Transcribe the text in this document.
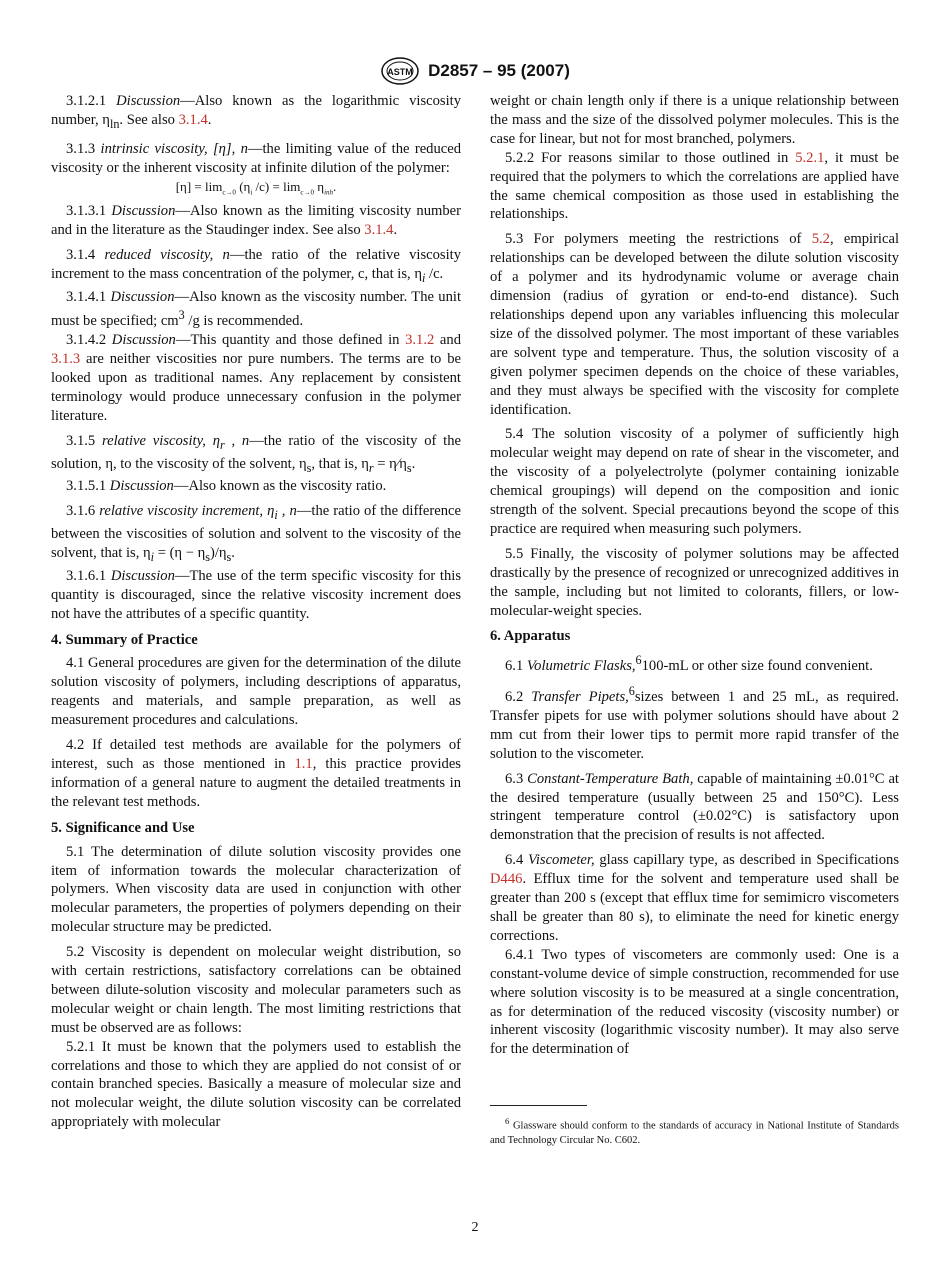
ASTM D2857 – 95 (2007)

3.1.2.1 Discussion—Also known as the logarithmic viscosity number, $\eta_{ln}$. See also 3.1.4.

3.1.3 intrinsic viscosity, [η], n—the limiting value of the reduced viscosity or the inherent viscosity at infinite dilution of the polymer:

$[\eta] = \lim_{c\to 0} (\eta_i$ $/c) = \lim_{c\to 0} \eta_{inh}$.

3.1.3.1 Discussion—Also known as the limiting viscosity number and in the literature as the Staudinger index. See also 3.1.4.

3.1.4 reduced viscosity, n—the ratio of the relative viscosity increment to the mass concentration of the polymer, c, that is, $\eta_i$ /c.

3.1.4.1 Discussion—Also known as the viscosity number. The unit must be specified; $cm^3$ /g is recommended.

3.1.4.2 Discussion—This quantity and those defined in 3.1.2 and 3.1.3 are neither viscosities nor pure numbers. The terms are to be looked upon as traditional names. Any replacement by consistent terminology would produce unnecessary confusion in the polymer literature.

3.1.5 relative viscosity, $\eta_r$ , n—the ratio of the viscosity of the solution, η, to the viscosity of the solvent, $\eta_s$, that is, $\eta_r$ = $\eta⁄\eta_s$.

3.1.5.1 Discussion—Also known as the viscosity ratio.

3.1.6 relative viscosity increment, $\eta_i$ , n—the ratio of the difference between the viscosities of solution and solvent to the viscosity of the solvent, that is, $\eta_i = (\eta - \eta_s)/\eta_s$.

3.1.6.1 Discussion—The use of the term specific viscosity for this quantity is discouraged, since the relative viscosity increment does not have the attributes of a specific quantity.

4. Summary of Practice

4.1 General procedures are given for the determination of the dilute solution viscosity of polymers, including descriptions of apparatus, reagents and materials, and sample preparation, as well as measurement procedures and calculations.

4.2 If detailed test methods are available for the polymers of interest, such as those mentioned in 1.1, this practice provides information of a general nature to augment the detailed treatments in the relevant test methods.

5. Significance and Use

5.1 The determination of dilute solution viscosity provides one item of information towards the molecular characterization of polymers. When viscosity data are used in conjunction with other molecular parameters, the properties of polymers depending on their molecular structure may be predicted.

5.2 Viscosity is dependent on molecular weight distribution, so with certain restrictions, satisfactory correlations can be obtained between dilute-solution viscosity and molecular parameters such as molecular weight or chain length. The most limiting restrictions that must be observed are as follows:

5.2.1 It must be known that the polymers used to establish the correlations and those to which they are applied do not consist of or contain branched species. Basically a measure of molecular size and not molecular weight, the dilute solution viscosity can be correlated appropriately with molecular

weight or chain length only if there is a unique relationship between the mass and the size of the dissolved polymer molecules. This is the case for linear, but not for most branched, polymers.

5.2.2 For reasons similar to those outlined in 5.2.1, it must be required that the polymers to which the correlations are applied have the same chemical composition as those used in establishing the relationships.

5.3 For polymers meeting the restrictions of 5.2, empirical relationships can be developed between the dilute solution viscosity of a polymer and its hydrodynamic volume or average chain dimension (radius of gyration or end-to-end distance). Such relationships depend upon any variables influencing this molecular size of the dissolved polymer. The most important of these variables are solvent type and temperature. Thus, the solution viscosity of a given polymer specimen depends on the choice of these variables, and they must always be specified with the viscosity for complete identification.

5.4 The solution viscosity of a polymer of sufficiently high molecular weight may depend on rate of shear in the viscometer, and the viscosity of a polyelectrolyte (polymer containing ionizable chemical groupings) will depend on the composition and ionic strength of the solvent. Special precautions beyond the scope of this practice are required when measuring such polymers.

5.5 Finally, the viscosity of polymer solutions may be affected drastically by the presence of recognized or unrecognized additives in the sample, including but not limited to colorants, fillers, or low-molecular-weight species.

6. Apparatus

6.1 Volumetric Flasks,$^6$100-mL or other size found convenient.

6.2 Transfer Pipets,$^6$sizes between 1 and 25 mL, as required. Transfer pipets for use with polymer solutions should have about 2 mm cut from their lower tips to permit more rapid transfer of the solution to the viscometer.

6.3 Constant-Temperature Bath, capable of maintaining ±0.01°C at the desired temperature (usually between 25 and 150°C). Less stringent temperature control (±0.02°C) is satisfactory upon demonstration that the precision of results is not affected.

6.4 Viscometer, glass capillary type, as described in Specifications D446. Efflux time for the solvent and temperature used shall be greater than 200 s (except that efflux time for semimicro viscometers shall be greater than 80 s), to eliminate the need for kinetic energy corrections.

6.4.1 Two types of viscometers are commonly used: One is a constant-volume device of simple construction, recommended for use where solution viscosity is to be measured at a single concentration, as for determination of the reduced viscosity (viscosity number) or inherent viscosity (logarithmic viscosity number). It may also serve for the determination of

$^6$ Glassware should conform to the standards of accuracy in National Institute of Standards and Technology Circular No. C602.

2
